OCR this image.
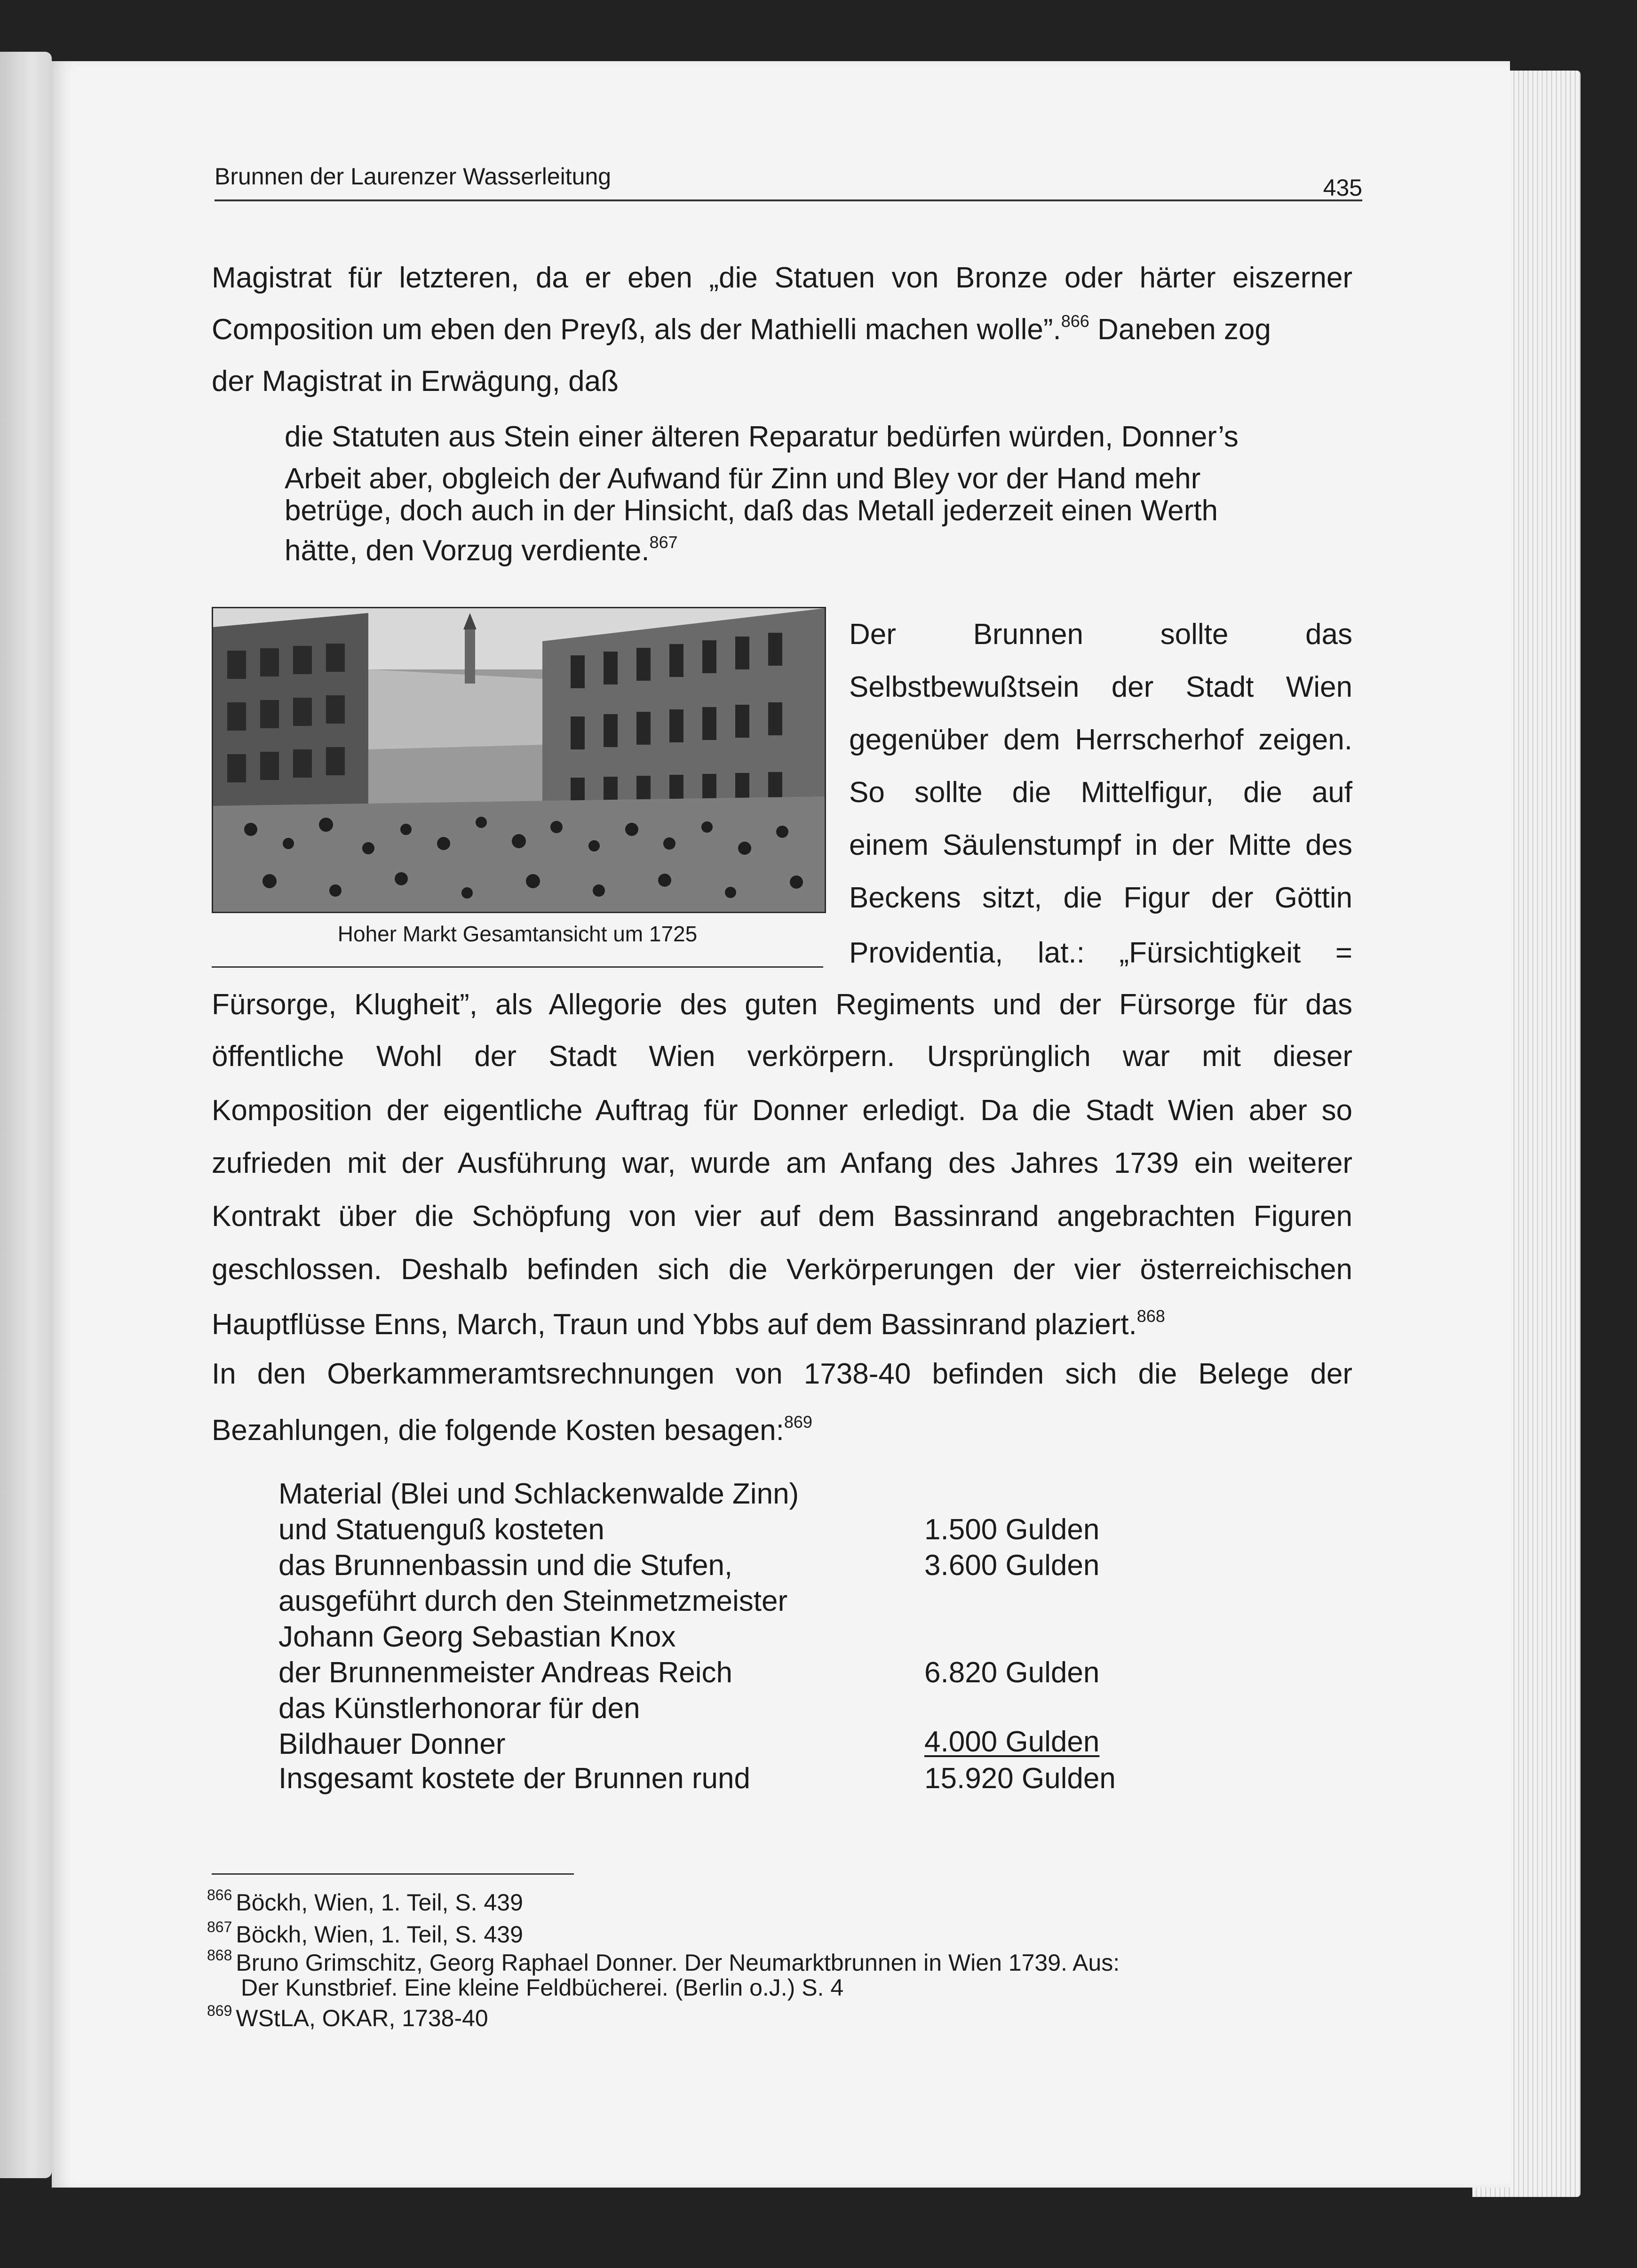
Brunnen der Laurenzer Wasserleitung	435
Magistrat für letzteren, da er eben „die Statuen von Bronze oder härter eiszerner
Composition um eben den Preyß, als der Mathielli machen wolle”.$^{866}$ Daneben zog
der Magistrat in Erwägung, daß
die Statuten aus Stein einer älteren Reparatur bedürfen würden, Donner’s
Arbeit aber, obgleich der Aufwand für Zinn und Bley vor der Hand mehr
betrüge, doch auch in der Hinsicht, daß das Metall jederzeit einen Werth
hätte, den Vorzug verdiente.$^{867}$
Hoher Markt Gesamtansicht um 1725
Der Brunnen sollte das
Selbstbewußtsein der Stadt Wien
gegenüber dem Herrscherhof zeigen.
So sollte die Mittelfigur, die auf
einem Säulenstumpf in der Mitte des
Beckens sitzt, die Figur der Göttin
Providentia, lat.: „Fürsichtigkeit =
Fürsorge, Klugheit”, als Allegorie des guten Regiments und der Fürsorge für das
öffentliche Wohl der Stadt Wien verkörpern. Ursprünglich war mit dieser
Komposition der eigentliche Auftrag für Donner erledigt. Da die Stadt Wien aber so
zufrieden mit der Ausführung war, wurde am Anfang des Jahres 1739 ein weiterer
Kontrakt über die Schöpfung von vier auf dem Bassinrand angebrachten Figuren
geschlossen. Deshalb befinden sich die Verkörperungen der vier österreichischen
Hauptflüsse Enns, March, Traun und Ybbs auf dem Bassinrand plaziert.$^{868}$
In den Oberkammeramtsrechnungen von 1738-40 befinden sich die Belege der
Bezahlungen, die folgende Kosten besagen:$^{869}$
Material (Blei und Schlackenwalde Zinn)
und Statuenguß kosteten	1.500 Gulden
das Brunnenbassin und die Stufen,	3.600 Gulden
ausgeführt durch den Steinmetzmeister
Johann Georg Sebastian Knox
der Brunnenmeister Andreas Reich	6.820 Gulden
das Künstlerhonorar für den
Bildhauer Donner	4.000 Gulden
Insgesamt kostete der Brunnen rund	15.920 Gulden
$^{866}$ Böckh, Wien, 1. Teil, S. 439
$^{867}$ Böckh, Wien, 1. Teil, S. 439
$^{868}$ Bruno Grimschitz, Georg Raphael Donner. Der Neumarktbrunnen in Wien 1739. Aus:
Der Kunstbrief. Eine kleine Feldbücherei. (Berlin o.J.) S. 4
$^{869}$ WStLA, OKAR, 1738-40
